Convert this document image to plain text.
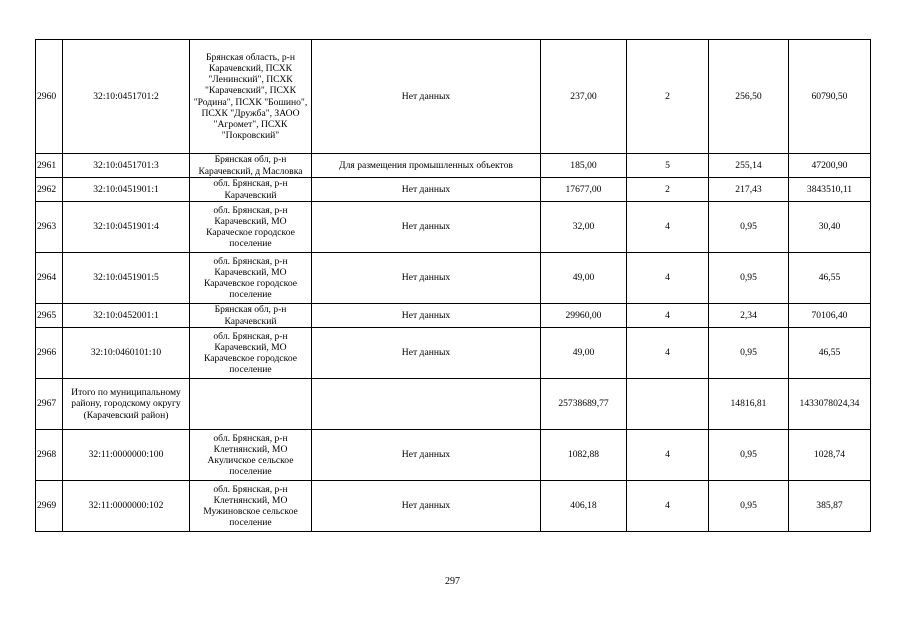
2960	32:10:0451701:2	Брянская область, р-н Карачевский, ПСХК "Ленинский", ПСХК "Карачевский", ПСХК "Родина", ПСХК "Бошино", ПСХК "Дружба", ЗАОО "Агромет", ПСХК "Покровский"	Нет данных	237,00	2	256,50	60790,50
2961	32:10:0451701:3	Брянская обл, р-н Карачевский, д Масловка	Для размещения промышленных объектов	185,00	5	255,14	47200,90
2962	32:10:0451901:1	обл. Брянская, р-н Карачевский	Нет данных	17677,00	2	217,43	3843510,11
2963	32:10:0451901:4	обл. Брянская, р-н Карачевский, МО Караческое городское поселение	Нет данных	32,00	4	0,95	30,40
2964	32:10:0451901:5	обл. Брянская, р-н Карачевский, МО Карачевское городское поселение	Нет данных	49,00	4	0,95	46,55
2965	32:10:0452001:1	Брянская обл, р-н Карачевский	Нет данных	29960,00	4	2,34	70106,40
2966	32:10:0460101:10	обл. Брянская, р-н Карачевский, МО Карачевское городское поселение	Нет данных	49,00	4	0,95	46,55
2967	Итого по муниципальному району, городскому округу (Карачевский район)			25738689,77		14816,81	1433078024,34
2968	32:11:0000000:100	обл. Брянская, р-н Клетнянский, МО Акуличское сельское поселение	Нет данных	1082,88	4	0,95	1028,74
2969	32:11:0000000:102	обл. Брянская, р-н Клетнянский, МО Мужиновское сельское поселение	Нет данных	406,18	4	0,95	385,87
297
